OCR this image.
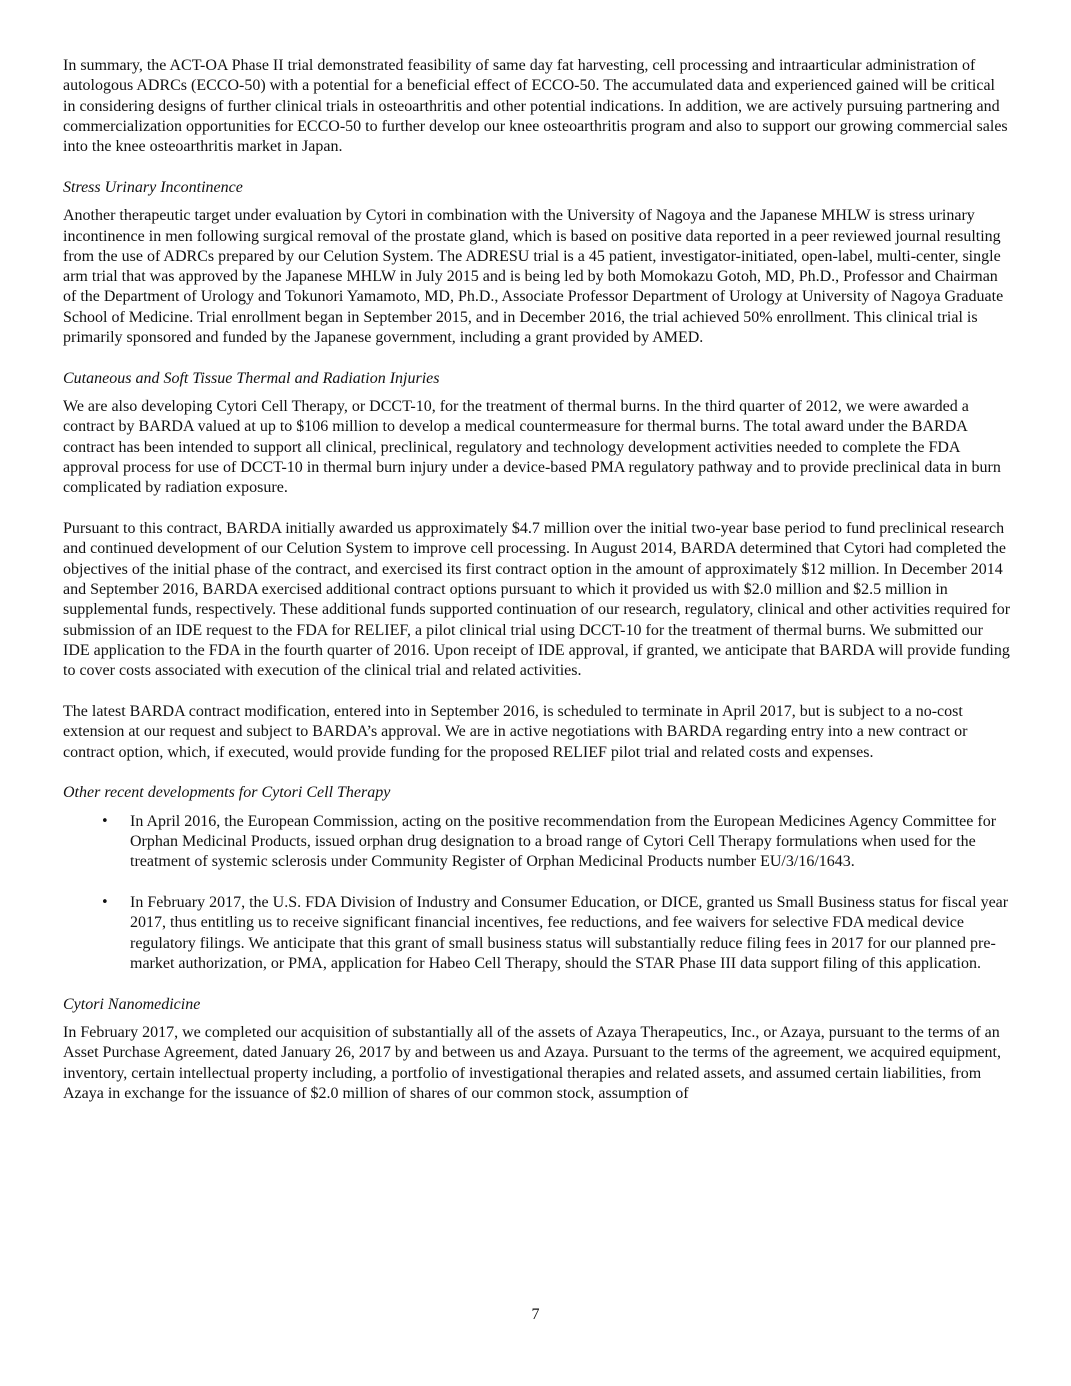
In summary, the ACT-OA Phase II trial demonstrated feasibility of same day fat harvesting, cell processing and intraarticular administration of autologous ADRCs (ECCO-50) with a potential for a beneficial effect of ECCO-50. The accumulated data and experienced gained will be critical in considering designs of further clinical trials in osteoarthritis and other potential indications. In addition, we are actively pursuing partnering and commercialization opportunities for ECCO-50 to further develop our knee osteoarthritis program and also to support our growing commercial sales into the knee osteoarthritis market in Japan.

Stress Urinary Incontinence

Another therapeutic target under evaluation by Cytori in combination with the University of Nagoya and the Japanese MHLW is stress urinary incontinence in men following surgical removal of the prostate gland, which is based on positive data reported in a peer reviewed journal resulting from the use of ADRCs prepared by our Celution System. The ADRESU trial is a 45 patient, investigator-initiated, open-label, multi-center, single arm trial that was approved by the Japanese MHLW in July 2015 and is being led by both Momokazu Gotoh, MD, Ph.D., Professor and Chairman of the Department of Urology and Tokunori Yamamoto, MD, Ph.D., Associate Professor Department of Urology at University of Nagoya Graduate School of Medicine. Trial enrollment began in September 2015, and in December 2016, the trial achieved 50% enrollment. This clinical trial is primarily sponsored and funded by the Japanese government, including a grant provided by AMED.

Cutaneous and Soft Tissue Thermal and Radiation Injuries

We are also developing Cytori Cell Therapy, or DCCT-10, for the treatment of thermal burns. In the third quarter of 2012, we were awarded a contract by BARDA valued at up to $106 million to develop a medical countermeasure for thermal burns. The total award under the BARDA contract has been intended to support all clinical, preclinical, regulatory and technology development activities needed to complete the FDA approval process for use of DCCT-10 in thermal burn injury under a device-based PMA regulatory pathway and to provide preclinical data in burn complicated by radiation exposure.

Pursuant to this contract, BARDA initially awarded us approximately $4.7 million over the initial two-year base period to fund preclinical research and continued development of our Celution System to improve cell processing. In August 2014, BARDA determined that Cytori had completed the objectives of the initial phase of the contract, and exercised its first contract option in the amount of approximately $12 million. In December 2014 and September 2016, BARDA exercised additional contract options pursuant to which it provided us with $2.0 million and $2.5 million in supplemental funds, respectively. These additional funds supported continuation of our research, regulatory, clinical and other activities required for submission of an IDE request to the FDA for RELIEF, a pilot clinical trial using DCCT-10 for the treatment of thermal burns. We submitted our IDE application to the FDA in the fourth quarter of 2016. Upon receipt of IDE approval, if granted, we anticipate that BARDA will provide funding to cover costs associated with execution of the clinical trial and related activities.

The latest BARDA contract modification, entered into in September 2016, is scheduled to terminate in April 2017, but is subject to a no-cost extension at our request and subject to BARDA’s approval. We are in active negotiations with BARDA regarding entry into a new contract or contract option, which, if executed, would provide funding for the proposed RELIEF pilot trial and related costs and expenses.

Other recent developments for Cytori Cell Therapy

• In April 2016, the European Commission, acting on the positive recommendation from the European Medicines Agency Committee for Orphan Medicinal Products, issued orphan drug designation to a broad range of Cytori Cell Therapy formulations when used for the treatment of systemic sclerosis under Community Register of Orphan Medicinal Products number EU/3/16/1643.
• In February 2017, the U.S. FDA Division of Industry and Consumer Education, or DICE, granted us Small Business status for fiscal year 2017, thus entitling us to receive significant financial incentives, fee reductions, and fee waivers for selective FDA medical device regulatory filings. We anticipate that this grant of small business status will substantially reduce filing fees in 2017 for our planned pre-market authorization, or PMA, application for Habeo Cell Therapy, should the STAR Phase III data support filing of this application.

Cytori Nanomedicine

In February 2017, we completed our acquisition of substantially all of the assets of Azaya Therapeutics, Inc., or Azaya, pursuant to the terms of an Asset Purchase Agreement, dated January 26, 2017 by and between us and Azaya. Pursuant to the terms of the agreement, we acquired equipment, inventory, certain intellectual property including, a portfolio of investigational therapies and related assets, and assumed certain liabilities, from Azaya in exchange for the issuance of $2.0 million of shares of our common stock, assumption of

7
